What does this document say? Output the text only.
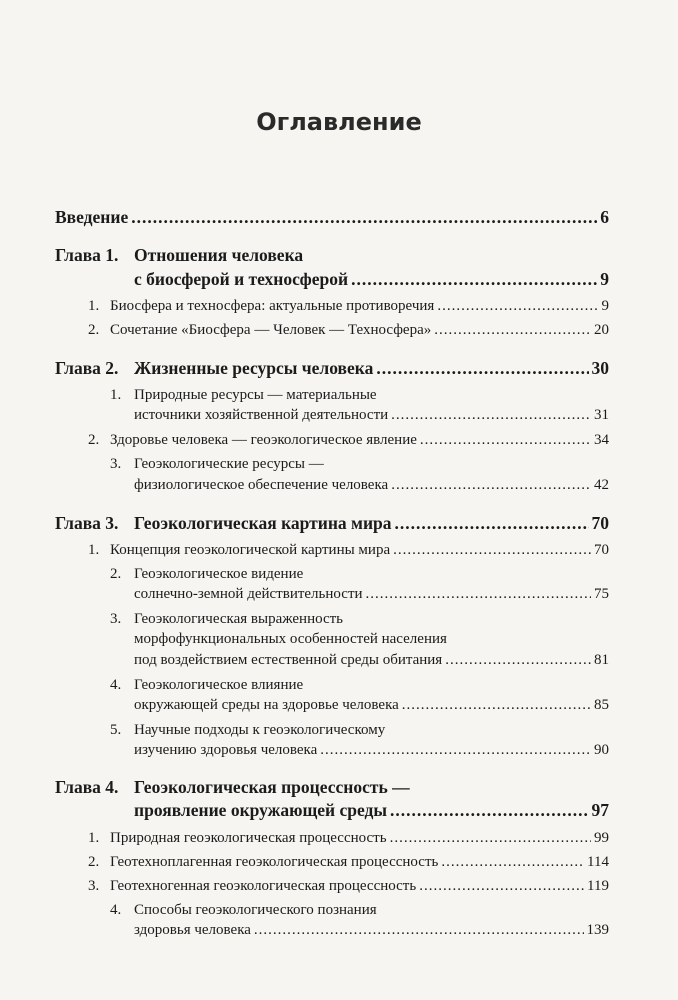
Оглавление
Введение .....	6
Глава 1. Отношения человека
с биосферой и техносферой .....	9
1. Биосфера и техносфера: актуальные противоречия .....	9
2. Сочетание «Биосфера — Человек — Техносфера» .....	20
Глава 2. Жизненные ресурсы человека .....	30
1. Природные ресурсы — материальные
источники хозяйственной деятельности .....	31
2. Здоровье человека — геоэкологическое явление .....	34
3. Геоэкологические ресурсы —
физиологическое обеспечение человека .....	42
Глава 3. Геоэкологическая картина мира .....	70
1. Концепция геоэкологической картины мира .....	70
2. Геоэкологическое видение
солнечно-земной действительности .....	75
3. Геоэкологическая выраженность
морфофункциональных особенностей населения
под воздействием естественной среды обитания .....	81
4. Геоэкологическое влияние
окружающей среды на здоровье человека .....	85
5. Научные подходы к геоэкологическому
изучению здоровья человека .....	90
Глава 4. Геоэкологическая процессность —
проявление окружающей среды .....	97
1. Природная геоэкологическая процессность .....	99
2. Геотехноплагенная геоэкологическая процессность .....	114
3. Геотехногенная геоэкологическая процессность .....	119
4. Способы геоэкологического познания
здоровья человека .....	139
